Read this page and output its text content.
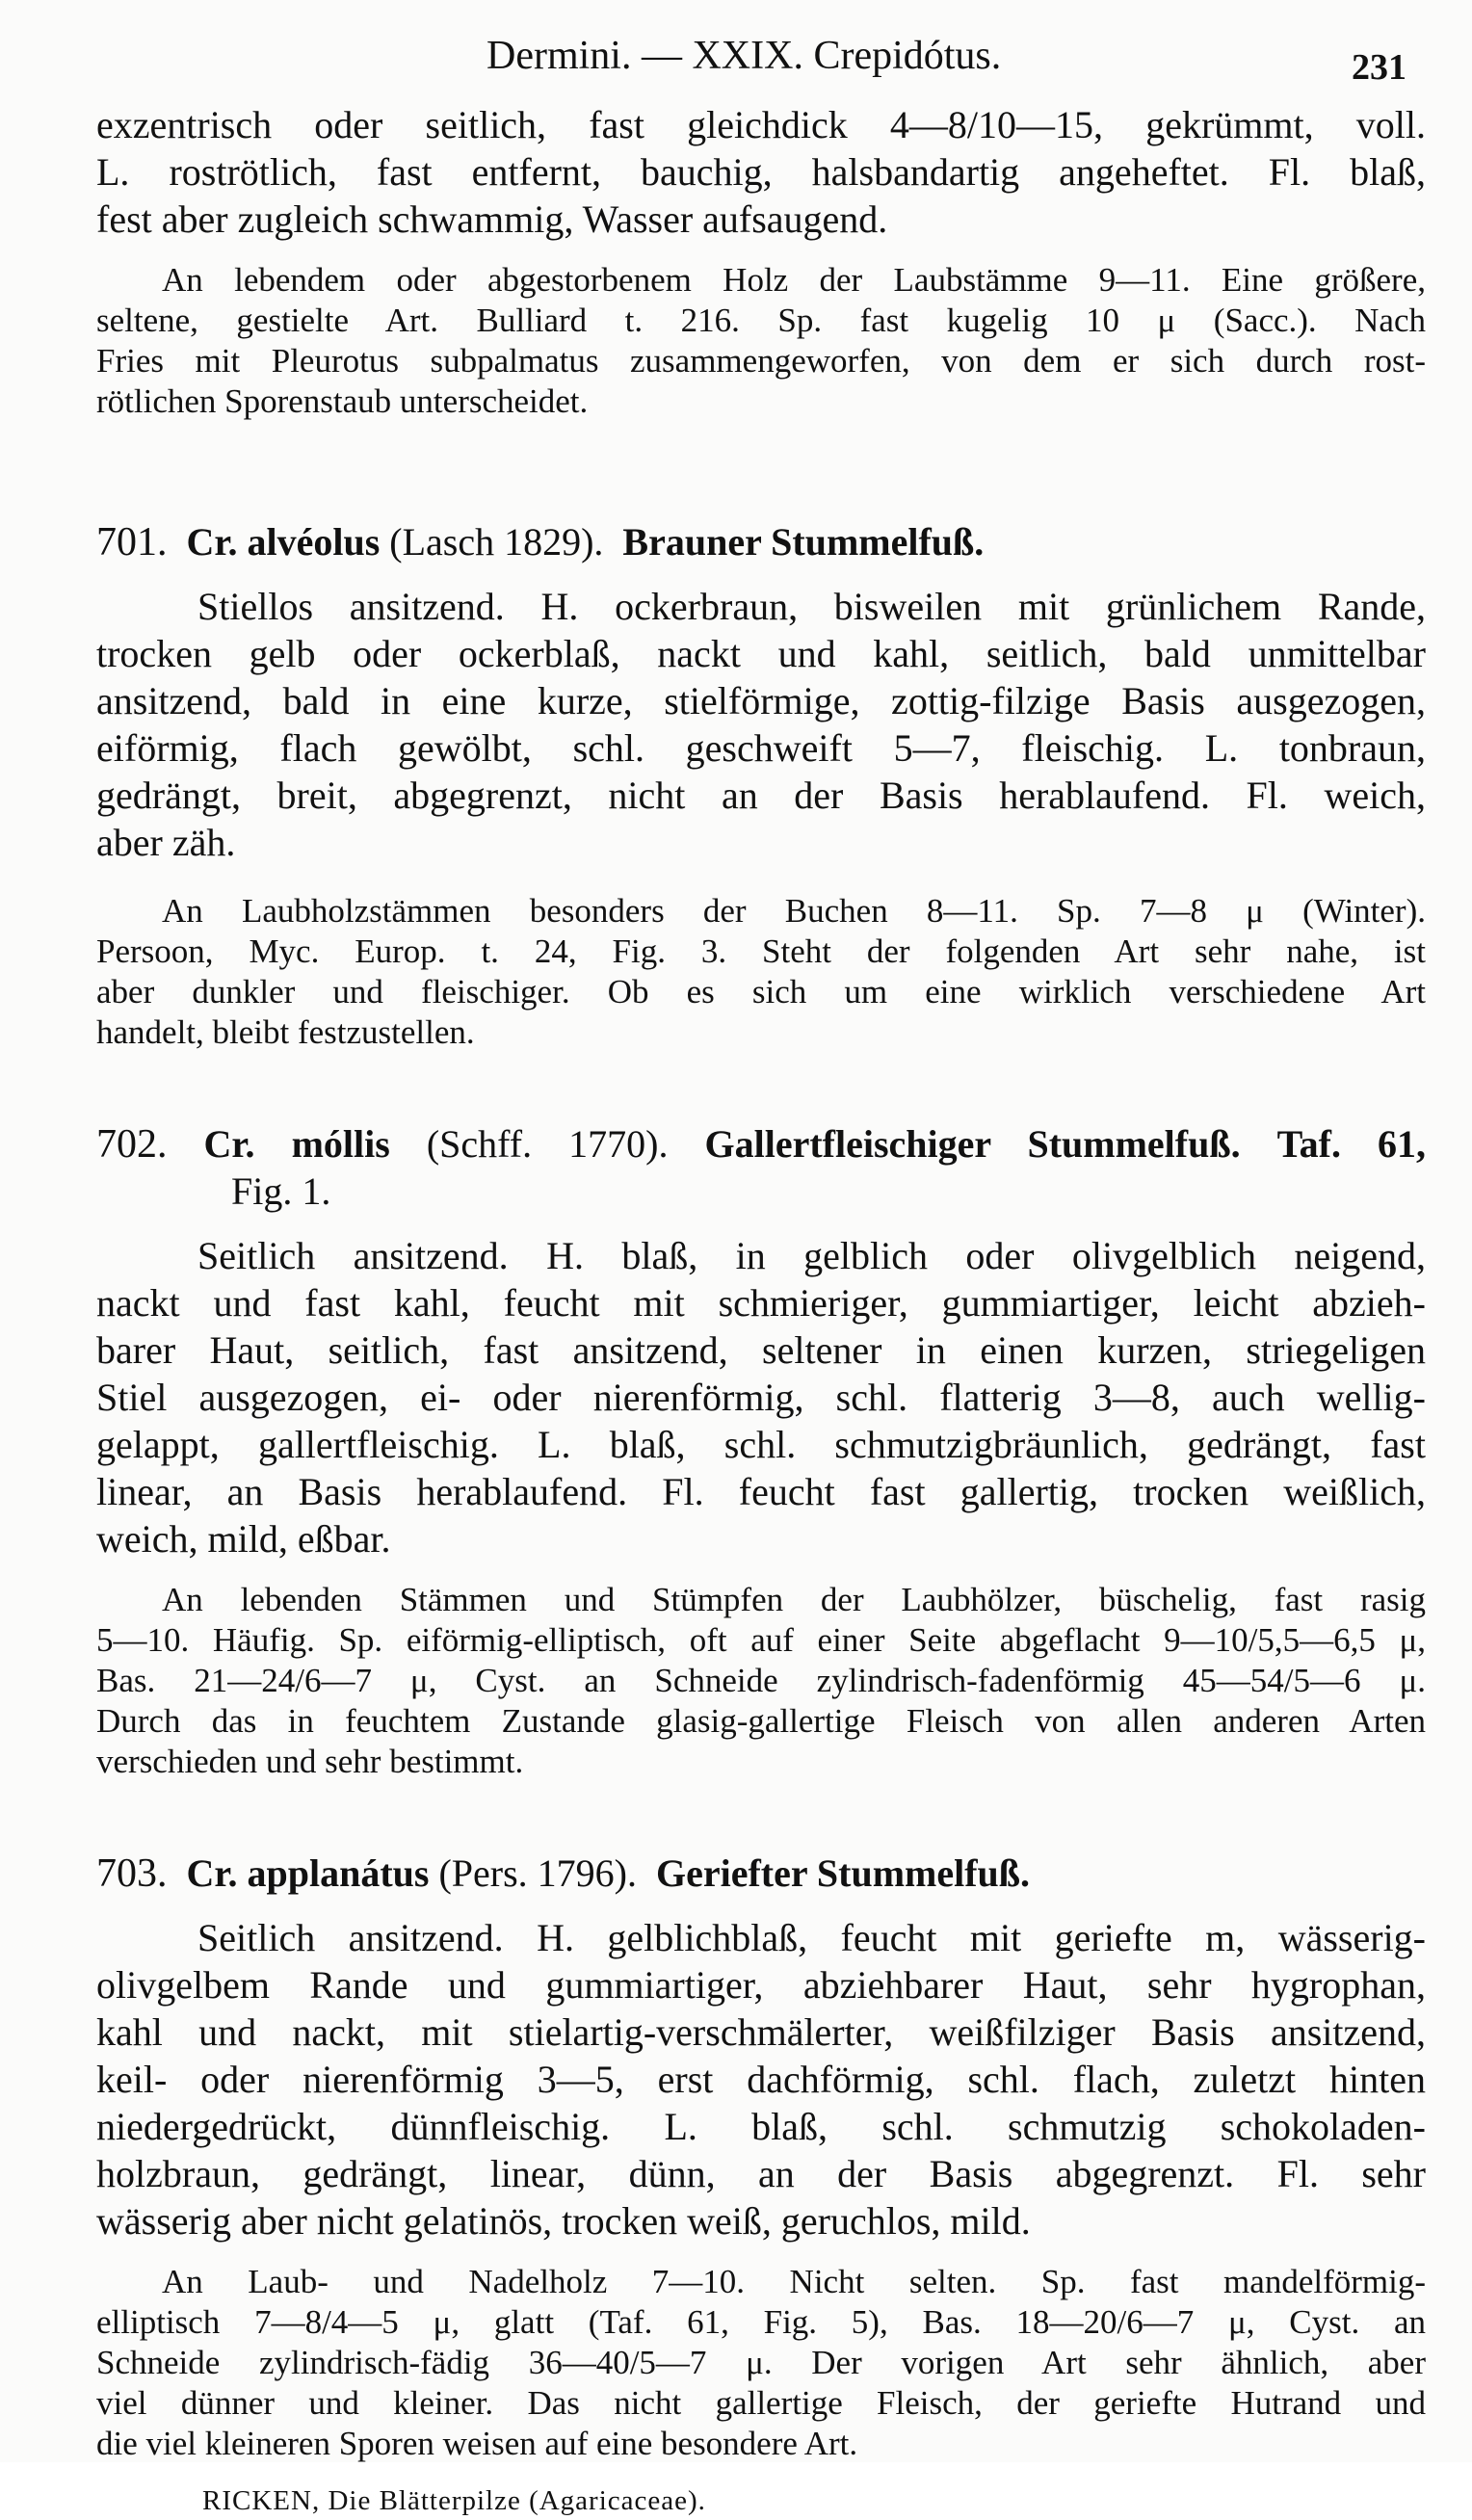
Dermini. — XXIX. Crepidótus.	231
exzentrisch oder seitlich, fast gleichdick 4—8/10—15, gekrümmt, voll.
L. roströtlich, fast entfernt, bauchig, halsbandartig angeheftet. Fl. blaß,
fest aber zugleich schwammig, Wasser aufsaugend.
An lebendem oder abgestorbenem Holz der Laubstämme 9—11. Eine größere,
seltene, gestielte Art. Bulliard t. 216. Sp. fast kugelig 10 μ (Sacc.). Nach
Fries mit Pleurotus subpalmatus zusammengeworfen, von dem er sich durch rost-
rötlichen Sporenstaub unterscheidet.
701. Cr. alvéolus (Lasch 1829). Brauner Stummelfuß.
Stiellos ansitzend. H. ockerbraun, bisweilen mit grünlichem Rande,
trocken gelb oder ockerblaß, nackt und kahl, seitlich, bald unmittelbar
ansitzend, bald in eine kurze, stielförmige, zottig-filzige Basis ausgezogen,
eiförmig, flach gewölbt, schl. geschweift 5—7, fleischig. L. tonbraun,
gedrängt, breit, abgegrenzt, nicht an der Basis herablaufend. Fl. weich,
aber zäh.
An Laubholzstämmen besonders der Buchen 8—11. Sp. 7—8 μ (Winter).
Persoon, Myc. Europ. t. 24, Fig. 3. Steht der folgenden Art sehr nahe, ist
aber dunkler und fleischiger. Ob es sich um eine wirklich verschiedene Art
handelt, bleibt festzustellen.
702. Cr. móllis (Schff. 1770). Gallertfleischiger Stummelfuß. Taf. 61,
Fig. 1.
Seitlich ansitzend. H. blaß, in gelblich oder olivgelblich neigend,
nackt und fast kahl, feucht mit schmieriger, gummiartiger, leicht abzieh-
barer Haut, seitlich, fast ansitzend, seltener in einen kurzen, striegeligen
Stiel ausgezogen, ei- oder nierenförmig, schl. flatterig 3—8, auch wellig-
gelappt, gallertfleischig. L. blaß, schl. schmutzigbräunlich, gedrängt, fast
linear, an Basis herablaufend. Fl. feucht fast gallertig, trocken weißlich,
weich, mild, eßbar.
An lebenden Stämmen und Stümpfen der Laubhölzer, büschelig, fast rasig
5—10. Häufig. Sp. eiförmig-elliptisch, oft auf einer Seite abgeflacht 9—10/5,5—6,5 μ,
Bas. 21—24/6—7 μ, Cyst. an Schneide zylindrisch-fadenförmig 45—54/5—6 μ.
Durch das in feuchtem Zustande glasig-gallertige Fleisch von allen anderen Arten
verschieden und sehr bestimmt.
703. Cr. applanátus (Pers. 1796). Geriefter Stummelfuß.
Seitlich ansitzend. H. gelblichblaß, feucht mit geriefte m, wässerig-
olivgelbem Rande und gummiartiger, abziehbarer Haut, sehr hygrophan,
kahl und nackt, mit stielartig-verschmälerter, weißfilziger Basis ansitzend,
keil- oder nierenförmig 3—5, erst dachförmig, schl. flach, zuletzt hinten
niedergedrückt, dünnfleischig. L. blaß, schl. schmutzig schokoladen-
holzbraun, gedrängt, linear, dünn, an der Basis abgegrenzt. Fl. sehr
wässerig aber nicht gelatinös, trocken weiß, geruchlos, mild.
An Laub- und Nadelholz 7—10. Nicht selten. Sp. fast mandelförmig-
elliptisch 7—8/4—5 μ, glatt (Taf. 61, Fig. 5), Bas. 18—20/6—7 μ, Cyst. an
Schneide zylindrisch-fädig 36—40/5—7 μ. Der vorigen Art sehr ähnlich, aber
viel dünner und kleiner. Das nicht gallertige Fleisch, der geriefte Hutrand und
die viel kleineren Sporen weisen auf eine besondere Art.
RICKEN, Die Blätterpilze (Agaricaceae).
